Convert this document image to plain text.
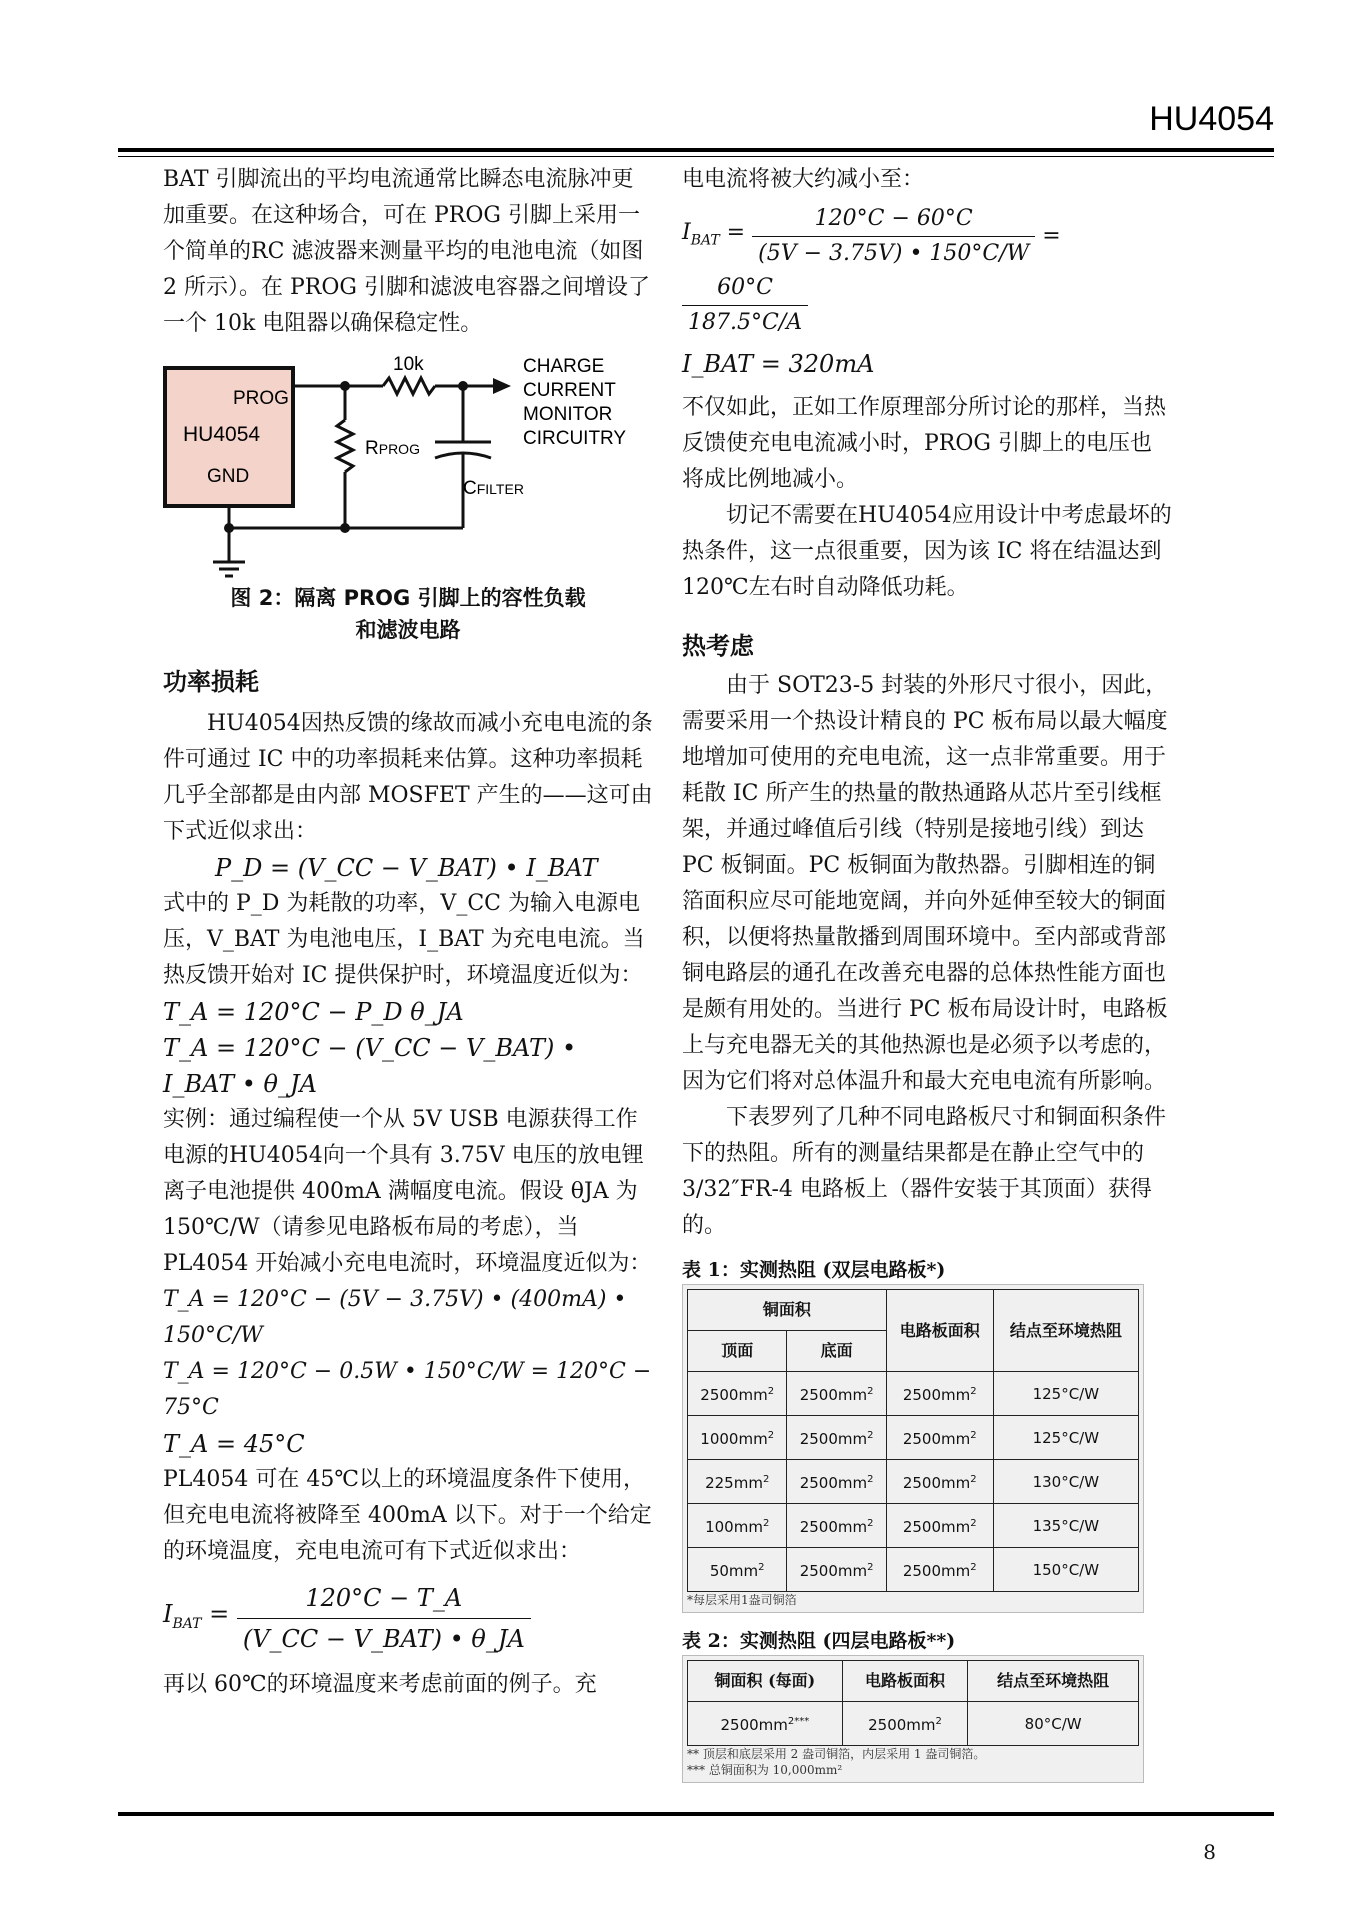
HU4054

BAT 引脚流出的平均电流通常比瞬态电流脉冲更加重要。在这种场合，可在 PROG 引脚上采用一个简单的RC 滤波器来测量平均的电池电流（如图 2 所示）。在 PROG 引脚和滤波电容器之间增设了一个 10k 电阻器以确保稳定性。

PROG
HU4054
GND
10k	CHARGE
CURRENT
MONITOR
CIRCUITRY
RPROG
CFILTER
图 2：隔离 PROG 引脚上的容性负载
和滤波电路

功率损耗

HU4054因热反馈的缘故而减小充电电流的条件可通过 IC 中的功率损耗来估算。这种功率损耗几乎全部都是由内部 MOSFET 产生的——这可由下式近似求出：

P_D = (V_CC − V_BAT) • I_BAT

式中的 P_D 为耗散的功率，V_CC 为输入电源电压，V_BAT 为电池电压，I_BAT 为充电电流。当热反馈开始对 IC 提供保护时，环境温度近似为：

T_A = 120°C − P_D θ_JA

T_A = 120°C − (V_CC − V_BAT) • I_BAT • θ_JA

实例：通过编程使一个从 5V USB 电源获得工作电源的HU4054向一个具有 3.75V 电压的放电锂离子电池提供 400mA 满幅度电流。假设 θJA 为 150℃/W（请参见电路板布局的考虑），当 PL4054 开始减小充电电流时，环境温度近似为：

T_A = 120°C − (5V − 3.75V) • (400mA) • 150°C/W

T_A = 120°C − 0.5W • 150°C/W = 120°C − 75°C

T_A = 45°C

PL4054 可在 45℃以上的环境温度条件下使用，但充电电流将被降至 400mA 以下。对于一个给定的环境温度，充电电流可有下式近似求出：

$I_{BAT} = \frac{120^\circ C - T\_A}{\text{(V\_CC − V\_BAT) • θ\_JA}}$

再以 60℃的环境温度来考虑前面的例子。充

电电流将被大约减小至：

$I_{BAT} = \frac{120^\circ C - 60^\circ C}{(5V - 3.75V) • 150^\circ C/W}$ =
$\frac{60^\circ C}{187.5^\circ C/A}$

I_BAT = 320mA

不仅如此，正如工作原理部分所讨论的那样，当热反馈使充电电流减小时，PROG 引脚上的电压也将成比例地减小。

切记不需要在HU4054应用设计中考虑最坏的热条件，这一点很重要，因为该 IC 将在结温达到 120℃左右时自动降低功耗。

热考虑

由于 SOT23-5 封装的外形尺寸很小，因此，需要采用一个热设计精良的 PC 板布局以最大幅度地增加可使用的充电电流，这一点非常重要。用于耗散 IC 所产生的热量的散热通路从芯片至引线框架，并通过峰值后引线（特别是接地引线）到达 PC 板铜面。PC 板铜面为散热器。引脚相连的铜箔面积应尽可能地宽阔，并向外延伸至较大的铜面积，以便将热量散播到周围环境中。至内部或背部铜电路层的通孔在改善充电器的总体热性能方面也是颇有用处的。当进行 PC 板布局设计时，电路板上与充电器无关的其他热源也是必须予以考虑的，因为它们将对总体温升和最大充电电流有所影响。

下表罗列了几种不同电路板尺寸和铜面积条件下的热阻。所有的测量结果都是在静止空气中的 3/32″FR-4 电路板上（器件安装于其顶面）获得的。

表 1：实测热阻 (双层电路板*)
铜面积		电路板面积	结点至环境热阻
顶面	底面		
$2500mm^2$	$2500mm^2$	$2500mm^2$	125°C/W
$1000mm^2$	$2500mm^2$	$2500mm^2$	125°C/W
$225mm^2$	$2500mm^2$	$2500mm^2$	130°C/W
$100mm^2$	$2500mm^2$	$2500mm^2$	135°C/W
$50mm^2$	$2500mm^2$	$2500mm^2$	150°C/W
*每层采用1盎司铜箔
表 2：实测热阻 (四层电路板**)
铜面积 (每面)	电路板面积	结点至环境热阻
$2500mm^{2***}$	$2500mm^2$	80°C/W
** 顶层和底层采用 2 盎司铜箔，内层采用 1 盎司铜箔。
*** 总铜面积为 10,000mm²
8
